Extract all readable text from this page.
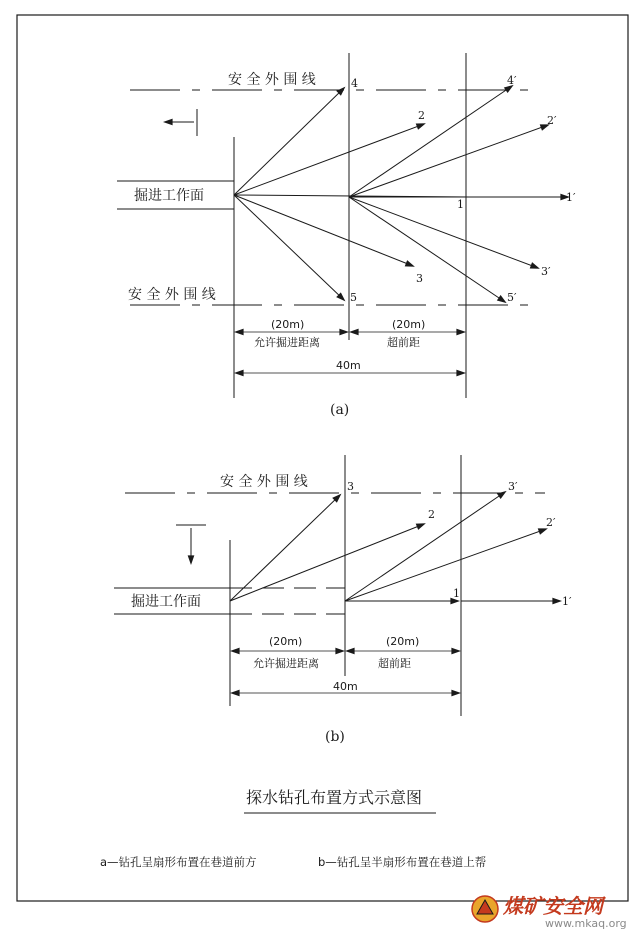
安 全 外 围 线
安 全 外 围 线
掘进工作面
4
2
1
3
5
4′
2′
1′
3′
5′
(20m)
允许掘进距离
(20m)
超前距
40m
(a)
安 全 外 围 线
掘进工作面
3
2
1
3′
2′
1′
(20m)
允许掘进距离
(20m)
超前距
40m
(b)
探水钻孔布置方式示意图
a—钻孔呈扇形布置在巷道前方	b—钻孔呈半扇形布置在巷道上帮
煤矿安全网
www.mkaq.org
